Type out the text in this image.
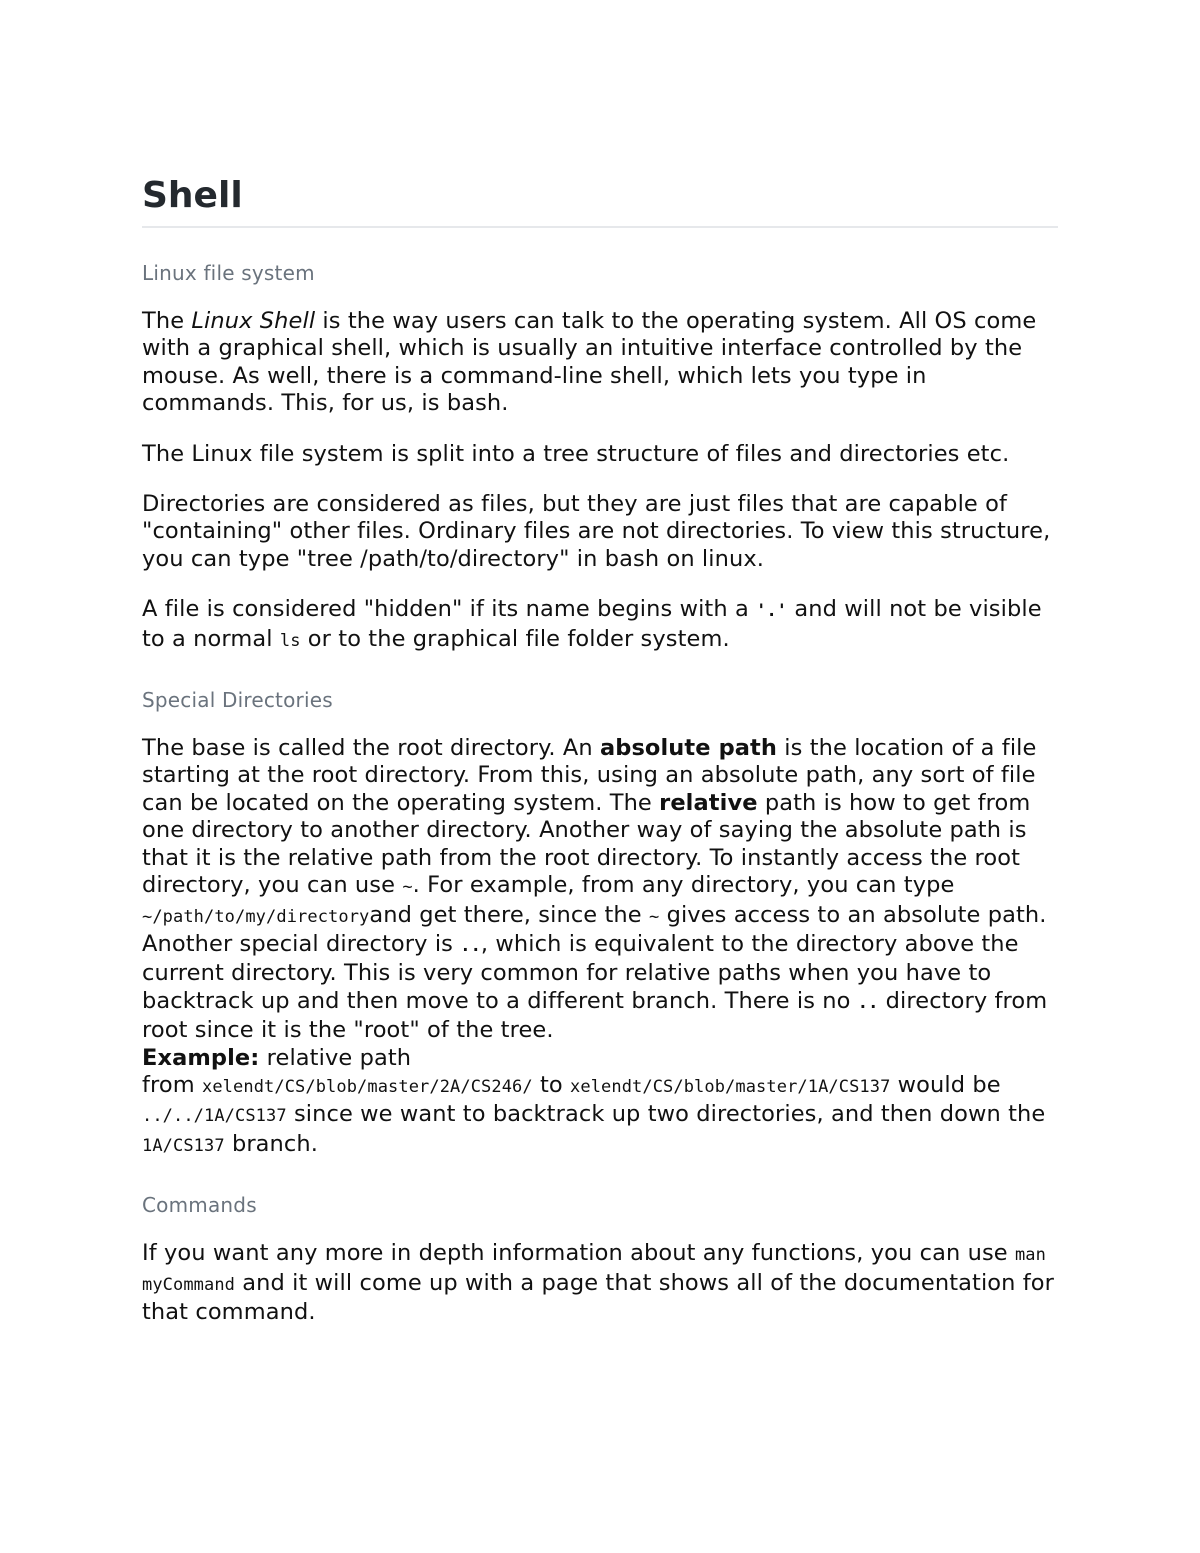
Shell
Linux file system

The Linux Shell is the way users can talk to the operating system. All OS come with a graphical shell, which is usually an intuitive interface controlled by the mouse. As well, there is a command-line shell, which lets you type in commands. This, for us, is bash.

The Linux file system is split into a tree structure of files and directories etc.

Directories are considered as files, but they are just files that are capable of "containing" other files. Ordinary files are not directories. To view this structure, you can type "tree /path/to/directory" in bash on linux.

A file is considered "hidden" if its name begins with a '.' and will not be visible to a normal ls or to the graphical file folder system.

Special Directories

The base is called the root directory. An absolute path is the location of a file starting at the root directory. From this, using an absolute path, any sort of file can be located on the operating system. The relative path is how to get from one directory to another directory. Another way of saying the absolute path is that it is the relative path from the root directory. To instantly access the root directory, you can use ~. For example, from any directory, you can type ~/path/to/my/directoryand get there, since the ~ gives access to an absolute path.

Another special directory is .., which is equivalent to the directory above the current directory. This is very common for relative paths when you have to backtrack up and then move to a different branch. There is no .. directory from root since it is the "root" of the tree.

Example: relative path

from xelendt/CS/blob/master/2A/CS246/ to xelendt/CS/blob/master/1A/CS137 would be ../../1A/CS137 since we want to backtrack up two directories, and then down the 1A/CS137 branch.

Commands

If you want any more in depth information about any functions, you can use man myCommand and it will come up with a page that shows all of the documentation for that command.
